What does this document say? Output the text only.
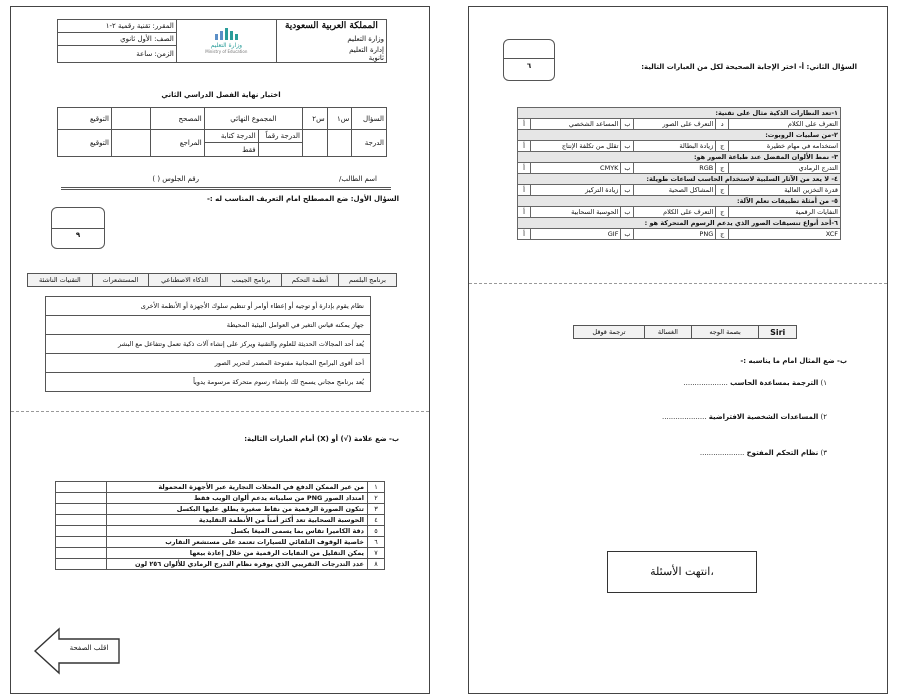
المملكة العربية السعودية	وزارة التعليم
Ministry of Education	المقرر: تقنية رقمية ٢-١
وزارة التعليم		الصف: الأول ثانوي
إدارة التعليم
ثانوية		الزمن: ساعة
اختبار نهاية الفصل الدراسي الثاني
السؤال	س١	س٢	المجموع النهائي		المصحح		التوقيع
الدرجة			الدرجة رقماً	الدرجة كتابة	المراجع		التوقيع
				فقط			
اسم الطالب/
رقم الجلوس ( )
السؤال الأول: ضع المصطلح امام التعريف المناسب له :-
٩
برنامج البلسم	أنظمة التحكم	برنامج الجيمب	الذكاء الاصطناعي	المستشعرات	التقنيات الناشئة
نظام يقوم بإدارة أو توجيه أو إعطاء أوامر أو تنظيم سلوك الأجهزة أو الأنظمة الأخرى
جهاز يمكنه قياس التغير في العوامل البيئية المحيطة
يُعد أحد المجالات الحديثة للعلوم والتقنية ويركز على إنشاء آلات ذكية تعمل وتتفاعل مع البشر
أحد أقوى البرامج المجانية مفتوحة المصدر لتحرير الصور
يُعد برنامج مجاني يسمح لك بإنشاء رسوم متحركة مرسومة يدوياً
ب- ضع علامة (√) أو (X) أمام العبارات التالية:
١	من غير الممكن الدفع في المحلات التجارية عبر الأجهزة المحمولة	
٢	امتداد الصور PNG من سلبياته يدعم ألوان الويب فقط	
٣	تتكون الصورة الرقمية من نقاط صغيرة يطلق عليها البكسل	
٤	الحوسبة السحابية تعد أكثر أمناً من الأنظمة التقليدية	
٥	دقة الكاميرا تقاس بما يسمى الميغا بكسل	
٦	خاصية الوقوف التلقائي للسيارات تعتمد على مستشعر التقارب	
٧	يمكن التقليل من النفايات الرقمية من خلال إعادة بيعها	
٨	عدد التدرجات التقريبي الذي يوفره نظام التدرج الرمادي للألوان ٢٥٦ لون	
اقلب الصفحة
٦	السؤال الثاني: أ- اختر الإجابة الصحيحة لكل من العبارات التالية:
١-تعد النظارات الذكية مثال على تقنية:					
أ	المساعد الشخصي	ب	التعرف على الصور	د	التعرف على الكلام
٢-من سلبيات الروبوت:					
أ	تقلل من تكلفة الإنتاج	ب	زيادة البطالة	ج	استخدامه في مهام خطيرة
٣- نمط الألوان المفضل عند طباعة الصور هو:					
أ	CMYK	ب	RGB	ج	التدرج الرمادي
٤- لا يعد من الآثار السلبية لاستخدام الحاسب لساعات طويلة:					
أ	زيادة التركيز	ب	المشاكل الصحية	ج	قدرة التخزين العالية
٥- من أمثلة تطبيقات تعلم الآلة:					
أ	الحوسبة السحابية	ب	التعرف على الكلام	ج	النفايات الرقمية
٦-أحد أنواع تنسيقات الصور الذي يدعم الرسوم المتحركة هو :					
أ	GIF	ب	PNG	ج	XCF
ترجمة قوقل	الغسالة	بصمة الوجه	Siri
ب- ضع المثال امام ما يناسبه :-
١) الترجمة بمساعدة الحاسب ....................
٢) المساعدات الشخصية الافتراضية ....................
٣) نظام التحكم المفتوح ....................
انتهت الأسئلة،
